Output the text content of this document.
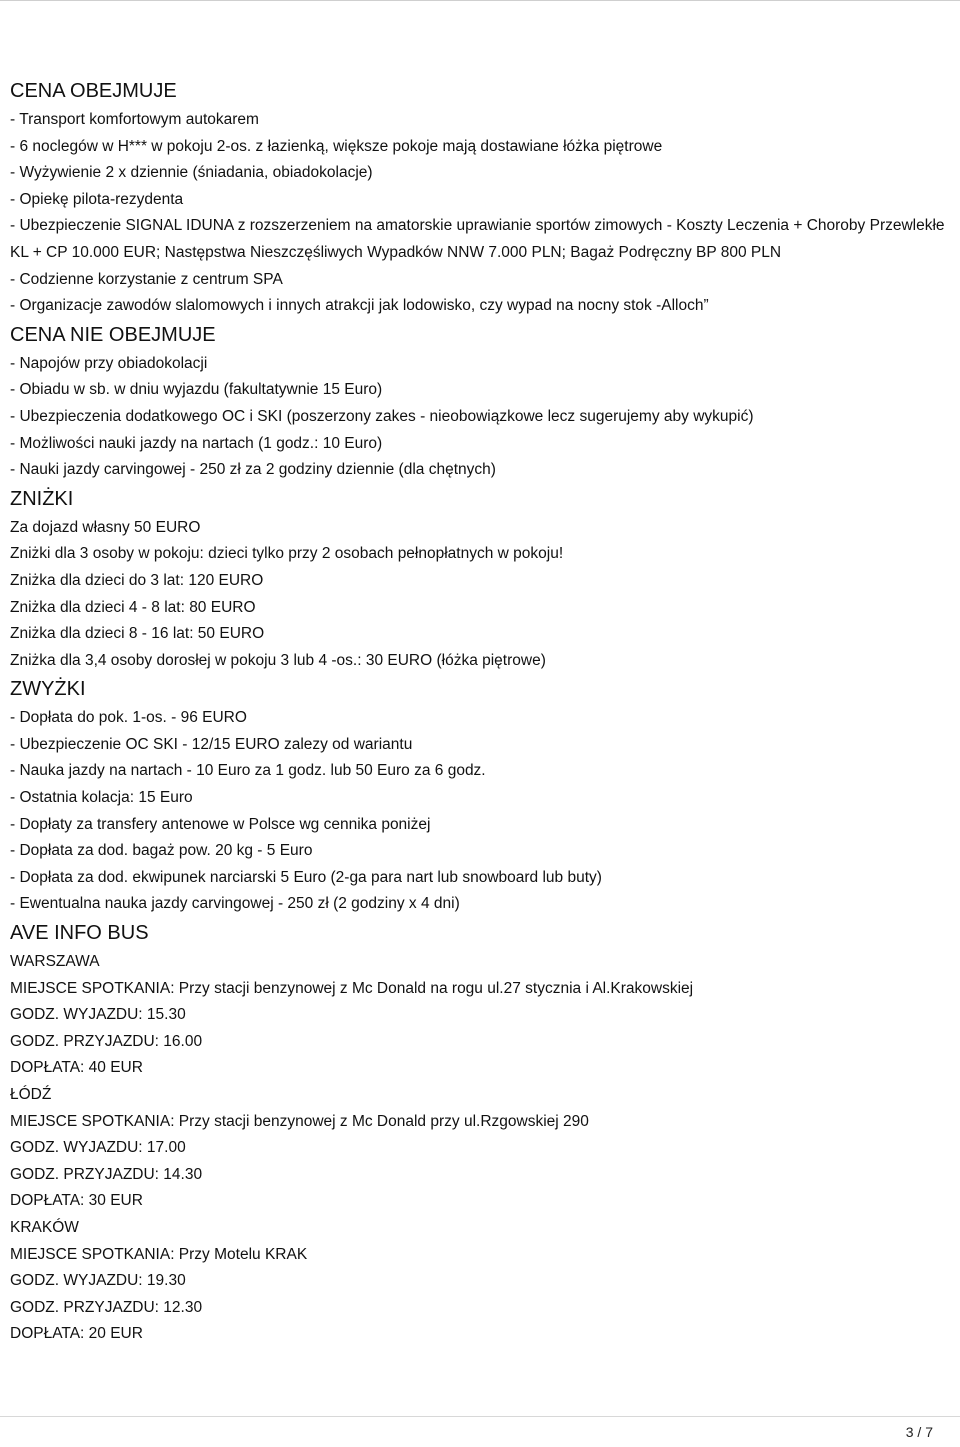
CENA OBEJMUJE

- Transport komfortowym autokarem

- 6 noclegów w H*** w pokoju 2-os. z łazienką, większe pokoje mają dostawiane łóżka piętrowe

- Wyżywienie 2 x dziennie (śniadania, obiadokolacje)

- Opiekę pilota-rezydenta

- Ubezpieczenie SIGNAL IDUNA z rozszerzeniem na amatorskie uprawianie sportów zimowych - Koszty Leczenia + Choroby Przewlekłe KL + CP 10.000 EUR; Następstwa Nieszczęśliwych Wypadków NNW 7.000 PLN; Bagaż Podręczny BP 800 PLN

- Codzienne korzystanie z centrum SPA

- Organizacje zawodów slalomowych i innych atrakcji jak lodowisko, czy wypad na nocny stok -Alloch”

CENA NIE OBEJMUJE

- Napojów przy obiadokolacji

- Obiadu w sb. w dniu wyjazdu (fakultatywnie 15 Euro)

- Ubezpieczenia dodatkowego OC i SKI (poszerzony zakes - nieobowiązkowe lecz sugerujemy aby wykupić)

- Możliwości nauki jazdy na nartach (1 godz.: 10 Euro)

- Nauki jazdy carvingowej - 250 zł za 2 godziny dziennie (dla chętnych)

ZNIŻKI

Za dojazd własny 50 EURO

Zniżki dla 3 osoby w pokoju: dzieci tylko przy 2 osobach pełnopłatnych w pokoju!

Zniżka dla dzieci do 3 lat: 120 EURO

Zniżka dla dzieci 4 - 8 lat: 80 EURO

Zniżka dla dzieci 8 - 16 lat: 50 EURO

Zniżka dla 3,4 osoby dorosłej w pokoju 3 lub 4 -os.: 30 EURO (łóżka piętrowe)

ZWYŻKI

- Dopłata do pok. 1-os. - 96 EURO

- Ubezpieczenie OC SKI - 12/15 EURO zalezy od wariantu

- Nauka jazdy na nartach - 10 Euro za 1 godz. lub 50 Euro za 6 godz.

- Ostatnia kolacja: 15 Euro

- Dopłaty za transfery antenowe w Polsce wg cennika poniżej

- Dopłata za dod. bagaż pow. 20 kg - 5 Euro

- Dopłata za dod. ekwipunek narciarski 5 Euro (2-ga para nart lub snowboard lub buty)

- Ewentualna nauka jazdy carvingowej - 250 zł (2 godziny x 4 dni)

AVE INFO BUS

WARSZAWA

MIEJSCE SPOTKANIA: Przy stacji benzynowej z Mc Donald na rogu ul.27 stycznia i Al.Krakowskiej

GODZ. WYJAZDU: 15.30

GODZ. PRZYJAZDU: 16.00

DOPŁATA: 40 EUR

ŁÓDŹ

MIEJSCE SPOTKANIA: Przy stacji benzynowej z Mc Donald przy ul.Rzgowskiej 290

GODZ. WYJAZDU: 17.00

GODZ. PRZYJAZDU: 14.30

DOPŁATA: 30 EUR

KRAKÓW

MIEJSCE SPOTKANIA: Przy Motelu KRAK

GODZ. WYJAZDU: 19.30

GODZ. PRZYJAZDU: 12.30

DOPŁATA: 20 EUR

3 / 7
